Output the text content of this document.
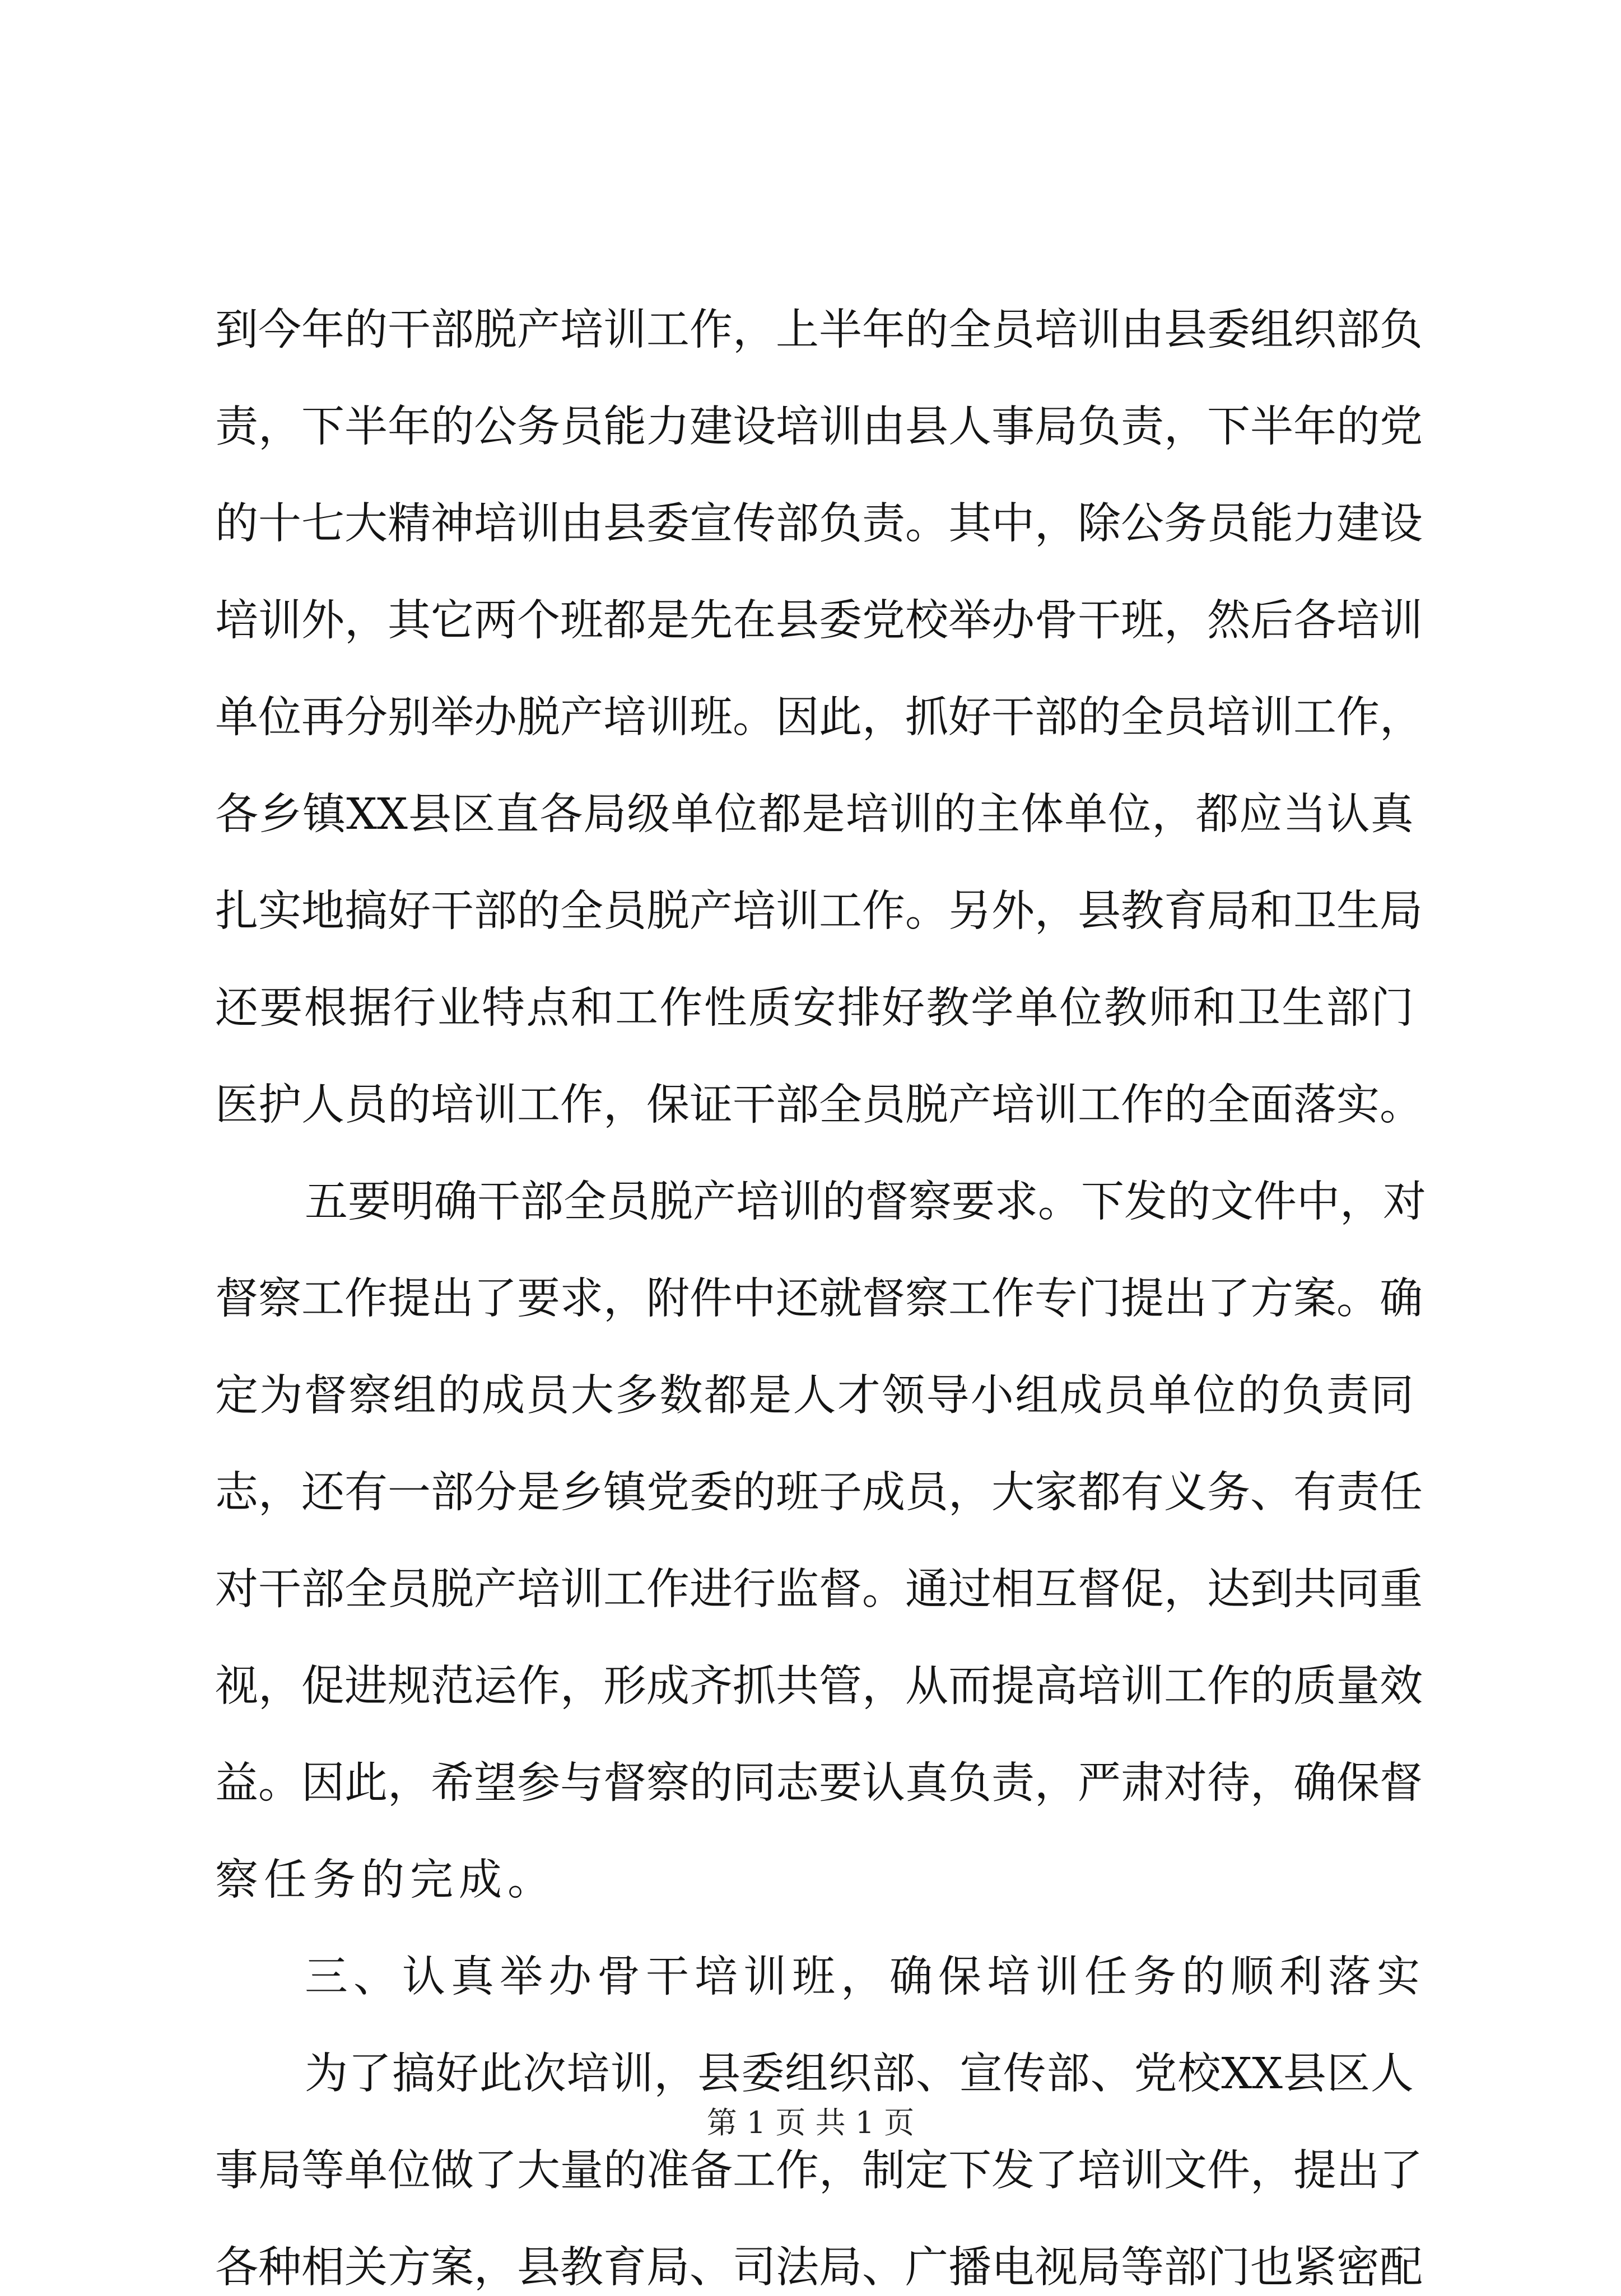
到 今 年 的 干 部 脱 产 培 训 工 作 ， 上 半 年 的 全 员 培 训 由 县 委 组 织 部 负
责 ， 下 半 年 的 公 务 员 能 力 建 设 培 训 由 县 人 事 局 负 责 ， 下 半 年 的 党
的 十 七 大 精 神 培 训 由 县 委 宣 传 部 负 责 。 其 中 ， 除 公 务 员 能 力 建 设
培 训 外 ， 其 它 两 个 班 都 是 先 在 县 委 党 校 举 办 骨 干 班 ， 然 后 各 培 训
单 位 再 分 别 举 办 脱 产 培 训 班 。 因 此 ， 抓 好 干 部 的 全 员 培 训 工 作 ，
各 乡 镇 XX 县 区 直 各 局 级 单 位 都 是 培 训 的 主 体 单 位 ， 都 应 当 认 真
扎 实 地 搞 好 干 部 的 全 员 脱 产 培 训 工 作 。 另 外 ， 县 教 育 局 和 卫 生 局
还 要 根 据 行 业 特 点 和 工 作 性 质 安 排 好 教 学 单 位 教 师 和 卫 生 部 门
医 护 人 员 的 培 训 工 作 ， 保 证 干 部 全 员 脱 产 培 训 工 作 的 全 面 落 实 。
五 要 明 确 干 部 全 员 脱 产 培 训 的 督 察 要 求 。 下 发 的 文 件 中 ， 对
督 察 工 作 提 出 了 要 求 ， 附 件 中 还 就 督 察 工 作 专 门 提 出 了 方 案 。 确
定 为 督 察 组 的 成 员 大 多 数 都 是 人 才 领 导 小 组 成 员 单 位 的 负 责 同
志 ， 还 有 一 部 分 是 乡 镇 党 委 的 班 子 成 员 ， 大 家 都 有 义 务 、 有 责 任
对 干 部 全 员 脱 产 培 训 工 作 进 行 监 督 。 通 过 相 互 督 促 ， 达 到 共 同 重
视 ， 促 进 规 范 运 作 ， 形 成 齐 抓 共 管 ， 从 而 提 高 培 训 工 作 的 质 量 效
益 。 因 此 ， 希 望 参 与 督 察 的 同 志 要 认 真 负 责 ， 严 肃 对 待 ， 确 保 督
察 任 务 的 完 成 。
三 、 认 真 举 办 骨 干 培 训 班 ， 确 保 培 训 任 务 的 顺 利 落 实
为 了 搞 好 此 次 培 训 ， 县 委 组 织 部 、 宣 传 部 、 党 校 XX 县 区 人
事 局 等 单 位 做 了 大 量 的 准 备 工 作 ， 制 定 下 发 了 培 训 文 件 ， 提 出 了
各 种 相 关 方 案 ， 县 教 育 局 、 司 法 局 、 广 播 电 视 局 等 部 门 也 紧 密 配
第 1 页 共 1 页
